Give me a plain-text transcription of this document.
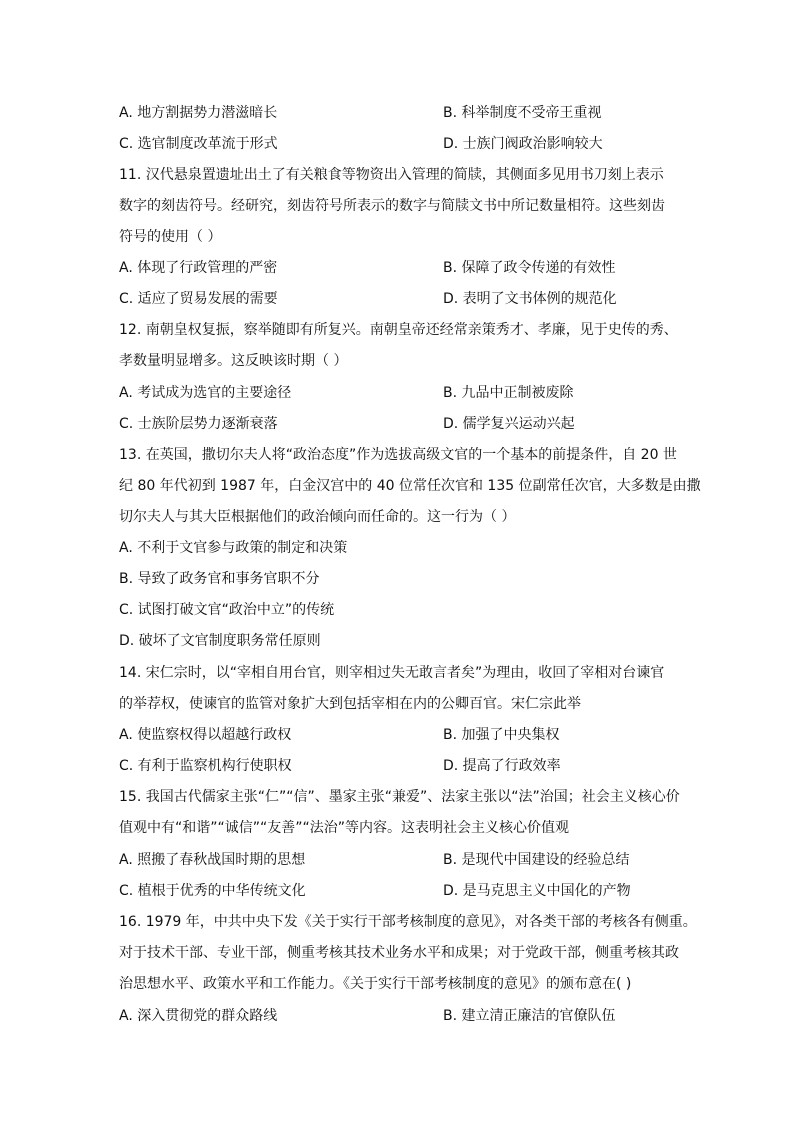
A. 地方割据势力潜滋暗长	B. 科举制度不受帝王重视
C. 选官制度改革流于形式	D. 士族门阀政治影响较大
11. 汉代悬泉置遗址出土了有关粮食等物资出入管理的简牍，其侧面多见用书刀刻上表示
数字的刻齿符号。经研究，刻齿符号所表示的数字与简牍文书中所记数量相符。这些刻齿
符号的使用（ ）
A. 体现了行政管理的严密	B. 保障了政令传递的有效性
C. 适应了贸易发展的需要	D. 表明了文书体例的规范化
12. 南朝皇权复振，察举随即有所复兴。南朝皇帝还经常亲策秀才、孝廉，见于史传的秀、
孝数量明显增多。这反映该时期（ ）
A. 考试成为选官的主要途径	B. 九品中正制被废除
C. 士族阶层势力逐渐衰落	D. 儒学复兴运动兴起
13. 在英国，撒切尔夫人将“政治态度”作为选拔高级文官的一个基本的前提条件，自 20 世
纪 80 年代初到 1987 年，白金汉宫中的 40 位常任次官和 135 位副常任次官，大多数是由撒
切尔夫人与其大臣根据他们的政治倾向而任命的。这一行为（ ）
A. 不利于文官参与政策的制定和决策
B. 导致了政务官和事务官职不分
C. 试图打破文官“政治中立”的传统
D. 破坏了文官制度职务常任原则
14. 宋仁宗时，以“宰相自用台官，则宰相过失无敢言者矣”为理由，收回了宰相对台谏官
的举荐权，使谏官的监管对象扩大到包括宰相在内的公卿百官。宋仁宗此举
A. 使监察权得以超越行政权	B. 加强了中央集权
C. 有利于监察机构行使职权	D. 提高了行政效率
15. 我国古代儒家主张“仁”“信”、墨家主张“兼爱”、法家主张以“法”治国；社会主义核心价
值观中有“和谐”“诚信”“友善”“法治”等内容。这表明社会主义核心价值观
A. 照搬了春秋战国时期的思想	B. 是现代中国建设的经验总结
C. 植根于优秀的中华传统文化	D. 是马克思主义中国化的产物
16. 1979 年，中共中央下发《关于实行干部考核制度的意见》，对各类干部的考核各有侧重。
对于技术干部、专业干部，侧重考核其技术业务水平和成果；对于党政干部，侧重考核其政
治思想水平、政策水平和工作能力。《关于实行干部考核制度的意见》的颁布意在( )
A. 深入贯彻党的群众路线	B. 建立清正廉洁的官僚队伍
